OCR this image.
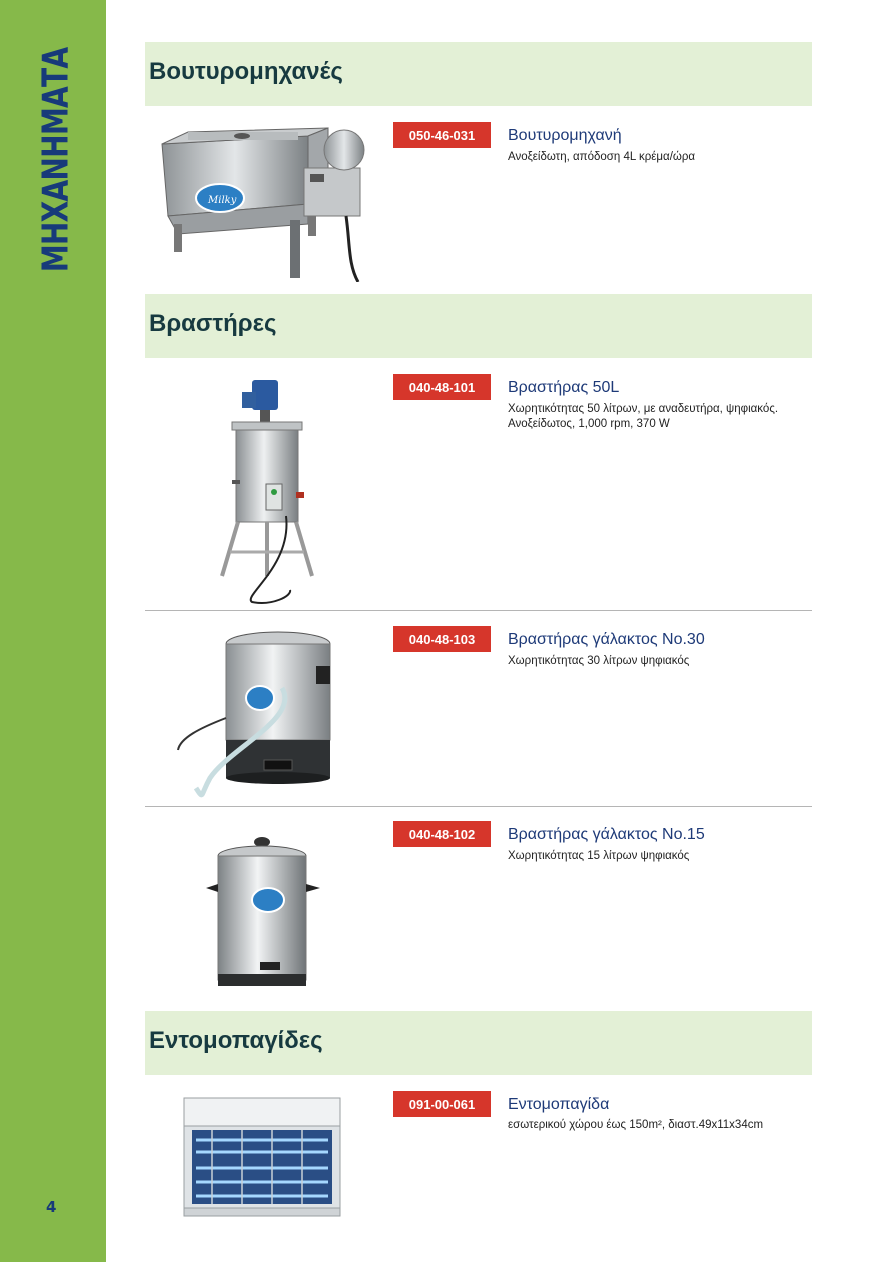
ΜΗΧΑΝΗΜΑΤΑ
4
Βουτυρομηχανές
Milky
050-46-031	Βουτυρομηχανή
Ανοξείδωτη, απόδοση 4L κρέμα/ώρα
Βραστήρες
040-48-101	Βραστήρας 50L
Χωρητικότητας 50 λίτρων, με αναδευτήρα, ψηφιακός.
Ανοξείδωτος, 1,000 rpm, 370 W
040-48-103	Βραστήρας γάλακτος No.30
Χωρητικότητας 30 λίτρων ψηφιακός
040-48-102	Βραστήρας γάλακτος No.15
Χωρητικότητας 15 λίτρων ψηφιακός
Εντομοπαγίδες
091-00-061	Εντομοπαγίδα
εσωτερικού χώρου έως 150m², διαστ.49x11x34cm
